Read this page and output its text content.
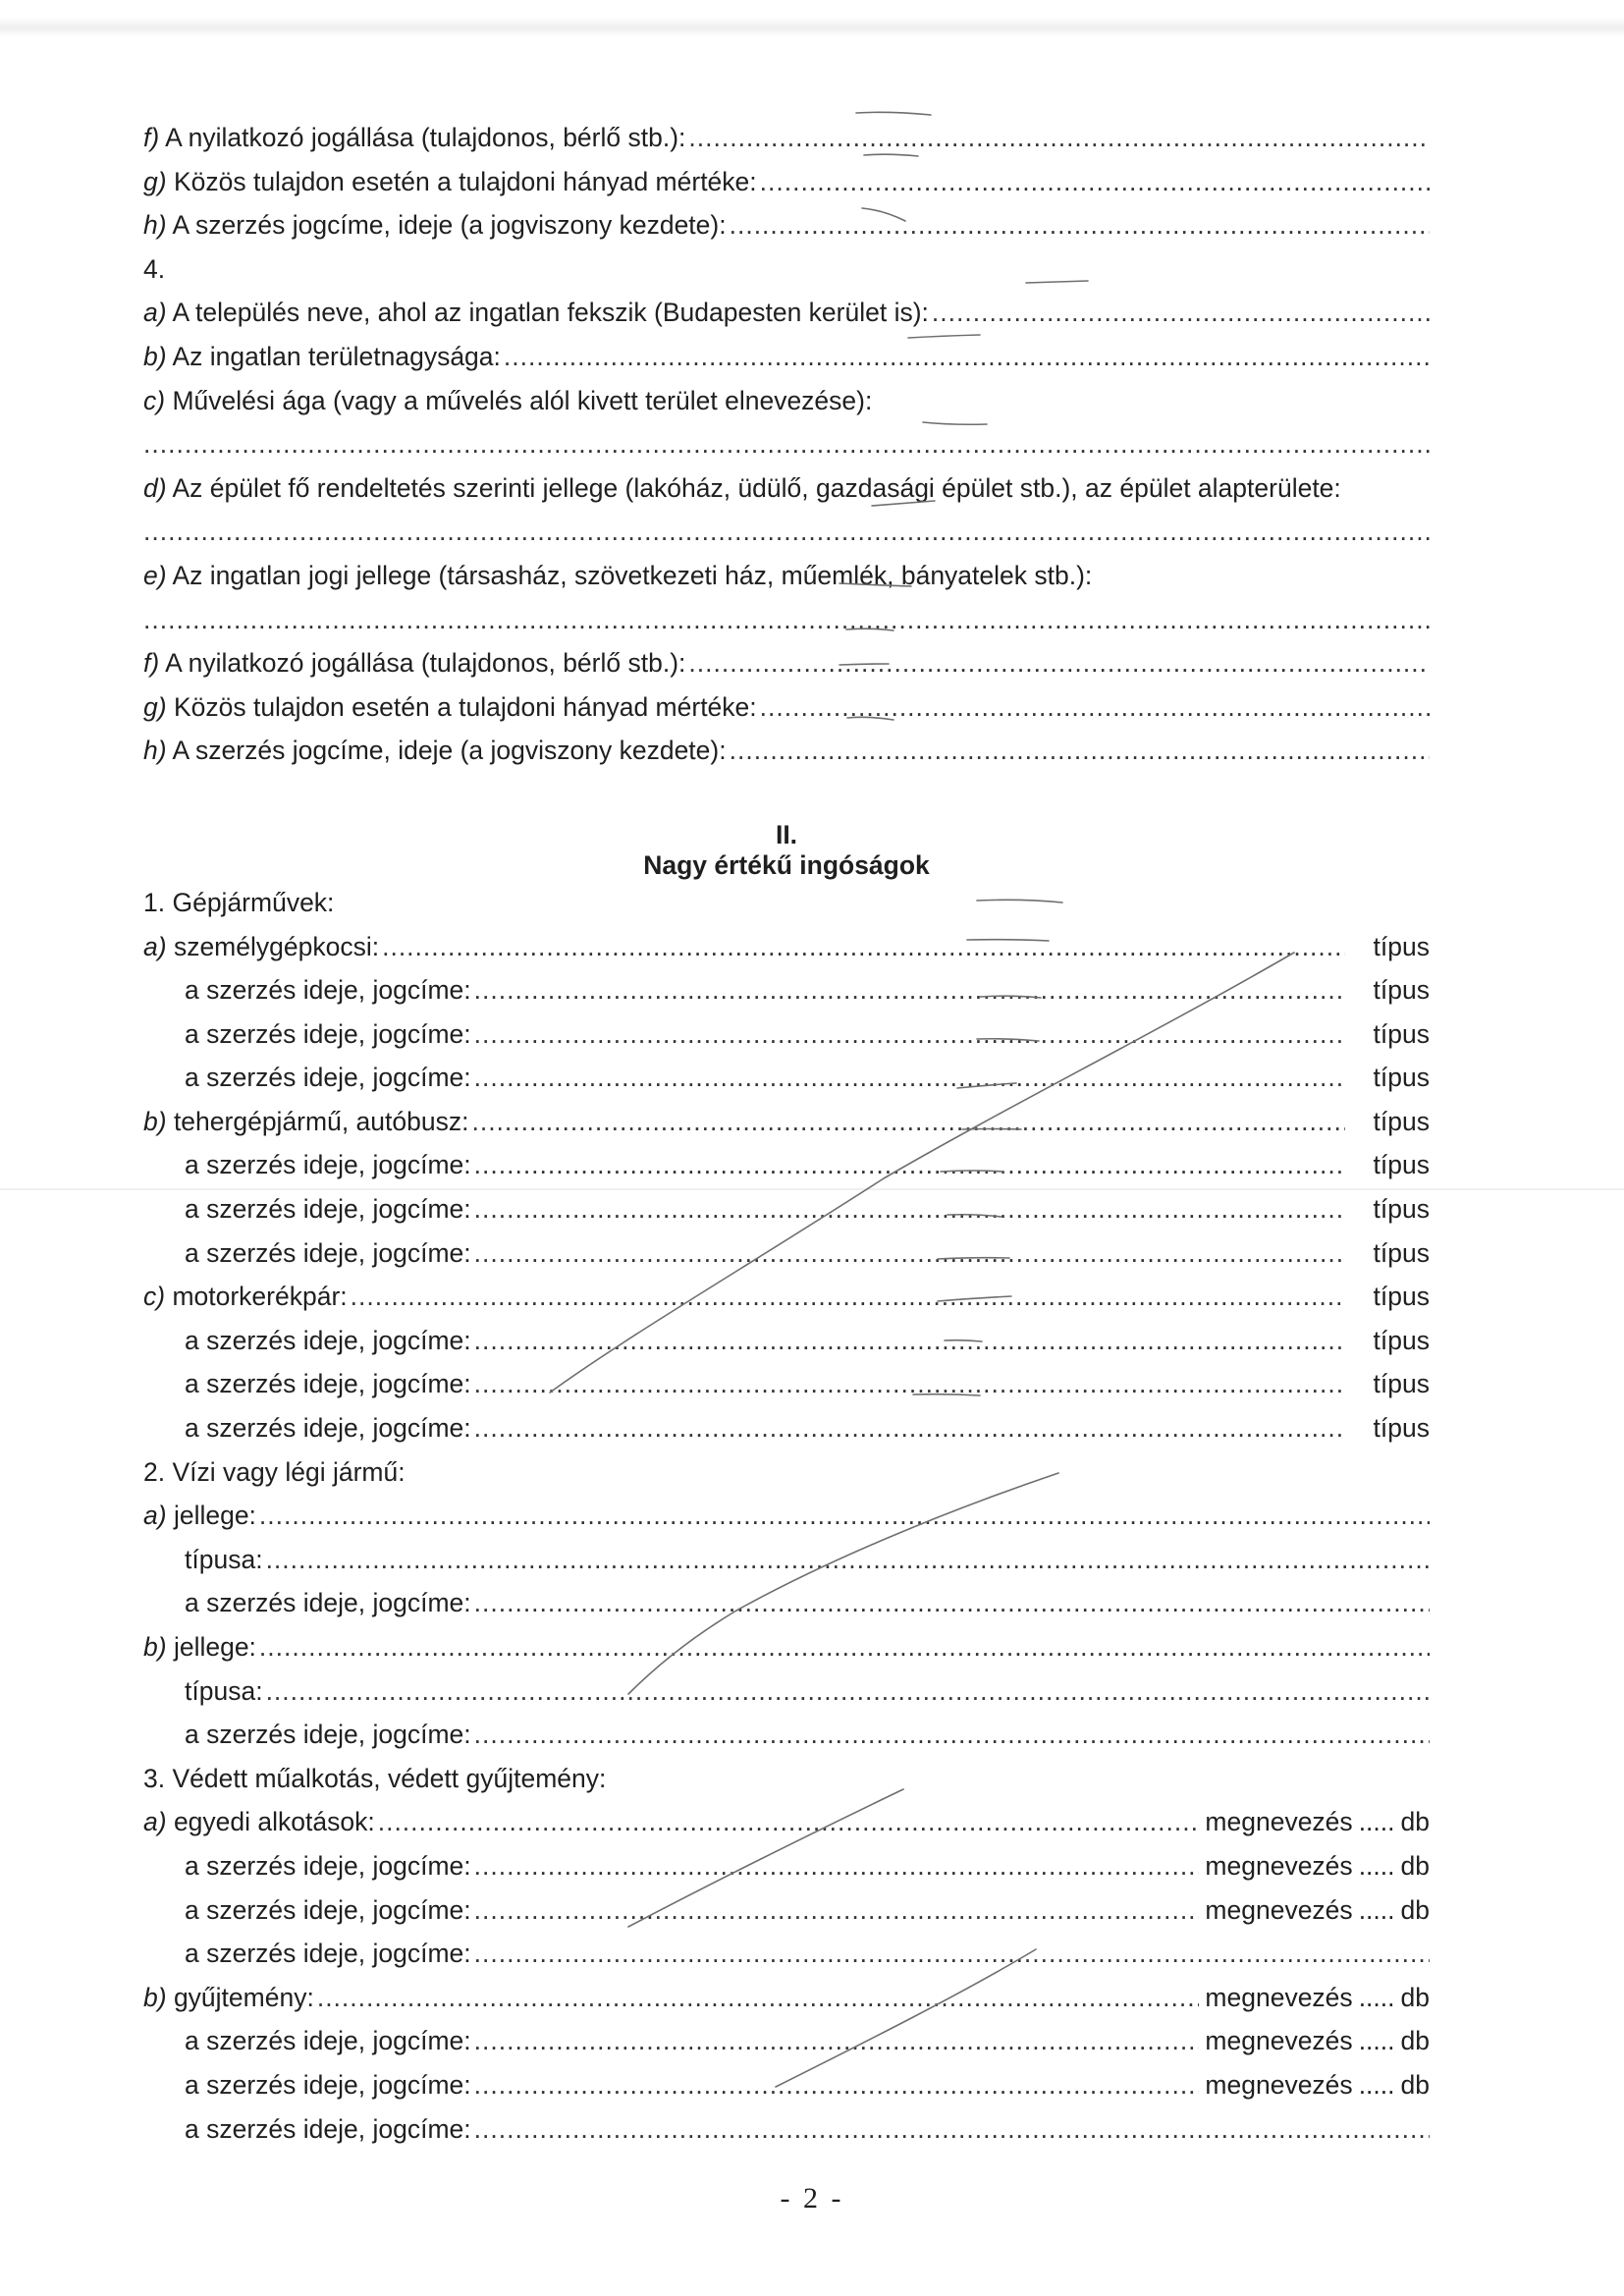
f) A nyilatkozó jogállása (tulajdonos, bérlő stb.):
.....
g) Közös tulajdon esetén a tulajdoni hányad mértéke:
.....
h) A szerzés jogcíme, ideje (a jogviszony kezdete):
.....
4.
a) A település neve, ahol az ingatlan fekszik (Budapesten kerület is):
.....
b) Az ingatlan területnagysága:
.....
c) Művelési ága (vagy a művelés alól kivett terület elnevezése):
.....
d) Az épület fő rendeltetés szerinti jellege (lakóház, üdülő, gazdasági épület stb.), az épület alapterülete:
.....
e) Az ingatlan jogi jellege (társasház, szövetkezeti ház, műemlék, bányatelek stb.):
.....
f) A nyilatkozó jogállása (tulajdonos, bérlő stb.):
.....
g) Közös tulajdon esetén a tulajdoni hányad mértéke:
.....
h) A szerzés jogcíme, ideje (a jogviszony kezdete):
.....
II.
Nagy értékű ingóságok
1. Gépjárművek:
a) személygépkocsi: .....	típus
a szerzés ideje, jogcíme: .....	típus
a szerzés ideje, jogcíme: .....	típus
a szerzés ideje, jogcíme: .....	típus
b) tehergépjármű, autóbusz: .....	típus
a szerzés ideje, jogcíme: .....	típus
a szerzés ideje, jogcíme: .....	típus
a szerzés ideje, jogcíme: .....	típus
c) motorkerékpár: .....	típus
a szerzés ideje, jogcíme: .....	típus
a szerzés ideje, jogcíme: .....	típus
a szerzés ideje, jogcíme: .....	típus
2. Vízi vagy légi jármű:
a) jellege:
.....
típusa:
.....
a szerzés ideje, jogcíme:
.....
b) jellege:
.....
típusa:
.....
a szerzés ideje, jogcíme:
.....
3. Védett műalkotás, védett gyűjtemény:
a) egyedi alkotások: .....	megnevezés ..... db
a szerzés ideje, jogcíme: .....	megnevezés ..... db
a szerzés ideje, jogcíme: .....	megnevezés ..... db
a szerzés ideje, jogcíme:
.....
b) gyűjtemény: .....	megnevezés ..... db
a szerzés ideje, jogcíme: .....	megnevezés ..... db
a szerzés ideje, jogcíme: .....	megnevezés ..... db
a szerzés ideje, jogcíme:
.....
- 2 -
